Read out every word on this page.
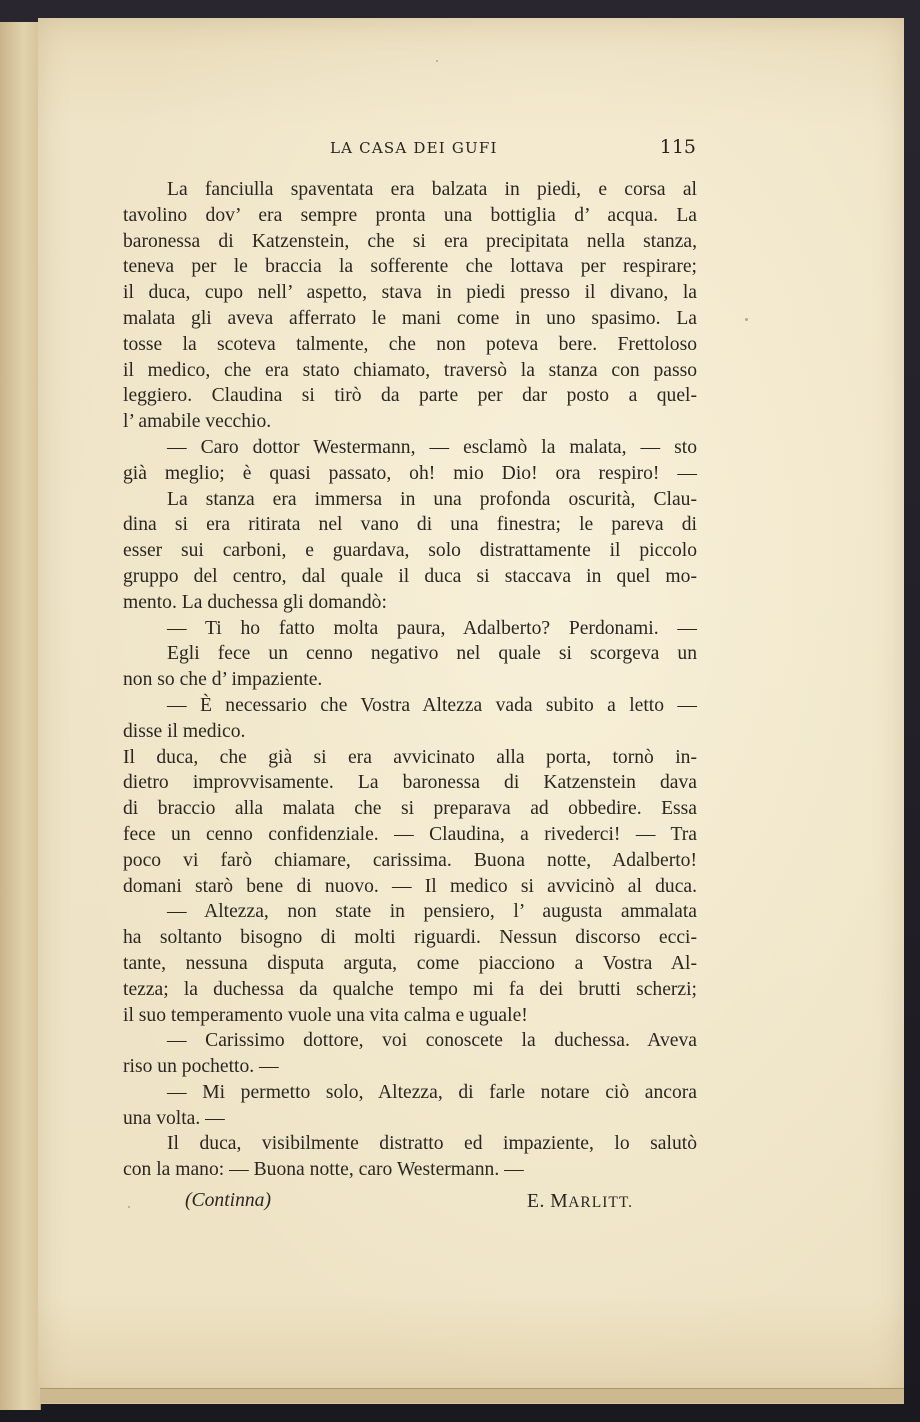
LA CASA DEI GUFI	115
La fanciulla spaventata era balzata in piedi, e corsa al
tavolino dov’ era sempre pronta una bottiglia d’ acqua. La
baronessa di Katzenstein, che si era precipitata nella stanza,
teneva per le braccia la sofferente che lottava per respirare;
il duca, cupo nell’ aspetto, stava in piedi presso il divano, la
malata gli aveva afferrato le mani come in uno spasimo. La
tosse la scoteva talmente, che non poteva bere. Frettoloso
il medico, che era stato chiamato, traversò la stanza con passo
leggiero. Claudina si tirò da parte per dar posto a quel-
l’ amabile vecchio.
— Caro dottor Westermann, — esclamò la malata, — sto
già meglio; è quasi passato, oh! mio Dio! ora respiro! —
La stanza era immersa in una profonda oscurità, Clau-
dina si era ritirata nel vano di una finestra; le pareva di
esser sui carboni, e guardava, solo distrattamente il piccolo
gruppo del centro, dal quale il duca si staccava in quel mo-
mento. La duchessa gli domandò:
— Ti ho fatto molta paura, Adalberto? Perdonami. —
Egli fece un cenno negativo nel quale si scorgeva un
non so che d’ impaziente.
— È necessario che Vostra Altezza vada subito a letto —
disse il medico.
Il duca, che già si era avvicinato alla porta, tornò in-
dietro improvvisamente. La baronessa di Katzenstein dava
di braccio alla malata che si preparava ad obbedire. Essa
fece un cenno confidenziale. — Claudina, a rivederci! — Tra
poco vi farò chiamare, carissima. Buona notte, Adalberto!
domani starò bene di nuovo. — Il medico si avvicinò al duca.
— Altezza, non state in pensiero, l’ augusta ammalata
ha soltanto bisogno di molti riguardi. Nessun discorso ecci-
tante, nessuna disputa arguta, come piacciono a Vostra Al-
tezza; la duchessa da qualche tempo mi fa dei brutti scherzi;
il suo temperamento vuole una vita calma e uguale!
— Carissimo dottore, voi conoscete la duchessa. Aveva
riso un pochetto. —
— Mi permetto solo, Altezza, di farle notare ciò ancora
una volta. —
Il duca, visibilmente distratto ed impaziente, lo salutò
con la mano: — Buona notte, caro Westermann. —
(Continna)	E. MARLITT.
